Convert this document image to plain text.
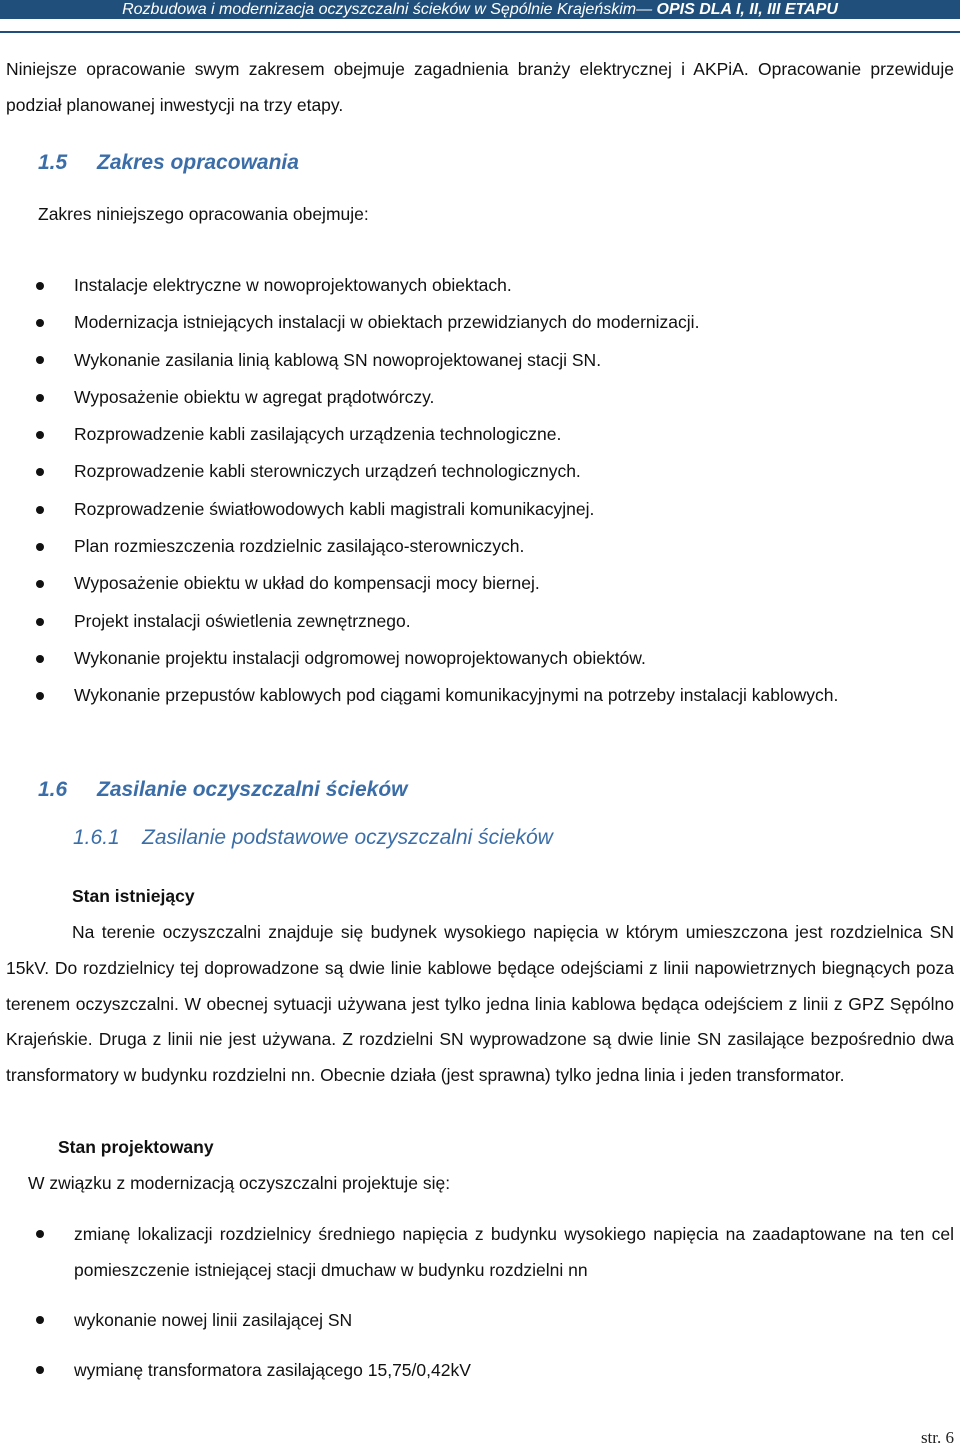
Rozbudowa i modernizacja oczyszczalni ścieków w Sępólnie Krajeńskim— OPIS DLA I, II, III ETAPU

Niniejsze opracowanie swym zakresem obejmuje zagadnienia branży elektrycznej i AKPiA. Opracowanie przewiduje podział planowanej inwestycji na trzy etapy.

1.5 Zakres opracowania

Zakres niniejszego opracowania obejmuje:

Instalacje elektryczne w nowoprojektowanych obiektach.
Modernizacja istniejących instalacji w obiektach przewidzianych do modernizacji.
Wykonanie zasilania linią kablową SN nowoprojektowanej stacji SN.
Wyposażenie obiektu w agregat prądotwórczy.
Rozprowadzenie kabli zasilających urządzenia technologiczne.
Rozprowadzenie kabli sterowniczych urządzeń technologicznych.
Rozprowadzenie światłowodowych kabli magistrali komunikacyjnej.
Plan rozmieszczenia rozdzielnic zasilająco-sterowniczych.
Wyposażenie obiektu w układ do kompensacji mocy biernej.
Projekt instalacji oświetlenia zewnętrznego.
Wykonanie projektu instalacji odgromowej nowoprojektowanych obiektów.
Wykonanie przepustów kablowych pod ciągami komunikacyjnymi na potrzeby instalacji kablowych.
1.6 Zasilanie oczyszczalni ścieków
1.6.1 Zasilanie podstawowe oczyszczalni ścieków
Stan istniejący

Na terenie oczyszczalni znajduje się budynek wysokiego napięcia w którym umieszczona jest rozdzielnica SN 15kV. Do rozdzielnicy tej doprowadzone są dwie linie kablowe będące odejściami z linii napowietrznych biegnących poza terenem oczyszczalni. W obecnej sytuacji używana jest tylko jedna linia kablowa będąca odejściem z linii z GPZ Sępólno Krajeńskie. Druga z linii nie jest używana. Z rozdzielni SN wyprowadzone są dwie linie SN zasilające bezpośrednio dwa transformatory w budynku rozdzielni nn. Obecnie działa (jest sprawna) tylko jedna linia i jeden transformator.

Stan projektowany

W związku z modernizacją oczyszczalni projektuje się:

zmianę lokalizacji rozdzielnicy średniego napięcia z budynku wysokiego napięcia na zaadaptowane na ten cel pomieszczenie istniejącej stacji dmuchaw w budynku rozdzielni nn
wykonanie nowej linii zasilającej SN
wymianę transformatora zasilającego 15,75/0,42kV
str. 6
